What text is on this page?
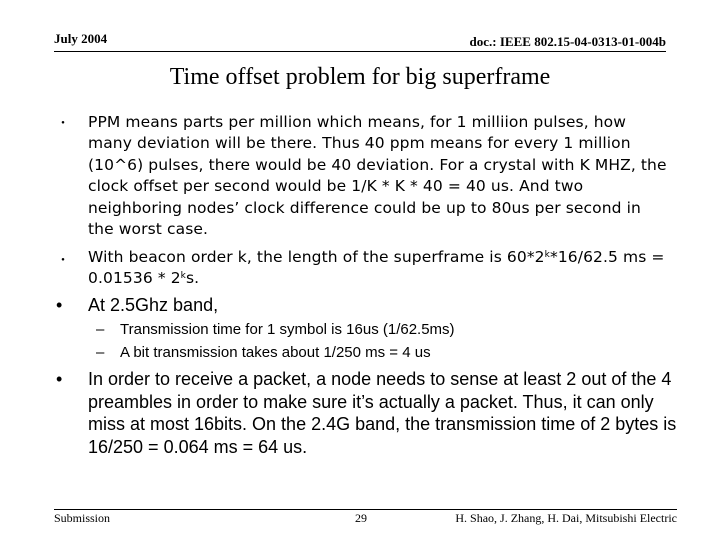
July 2004	doc.: IEEE 802.15-04-0313-01-004b
Time offset problem for big superframe
・ PPM means parts per million which means, for 1 milliion pulses, how many deviation will be there. Thus 40 ppm means for every 1 million (10^6) pulses, there would be 40 deviation. For a crystal with K MHZ, the clock offset per second would be 1/K * K * 40 = 40 us. And two neighboring nodes’ clock difference could be up to 80us per second in the worst case.
・ With beacon order k, the length of the superframe is 60*2$^k$*16/62.5 ms = 0.01536 * 2$^k$s.
• At 2.5Ghz band,
– Transmission time for 1 symbol is 16us (1/62.5ms)
– A bit transmission takes about 1/250 ms = 4 us
• In order to receive a packet, a node needs to sense at least 2 out of the 4 preambles in order to make sure it’s actually a packet. Thus, it can only miss at most 16bits. On the 2.4G band, the transmission time of 2 bytes is 16/250 = 0.064 ms = 64 us.
Submission	29	H. Shao, J. Zhang, H. Dai, Mitsubishi Electric
